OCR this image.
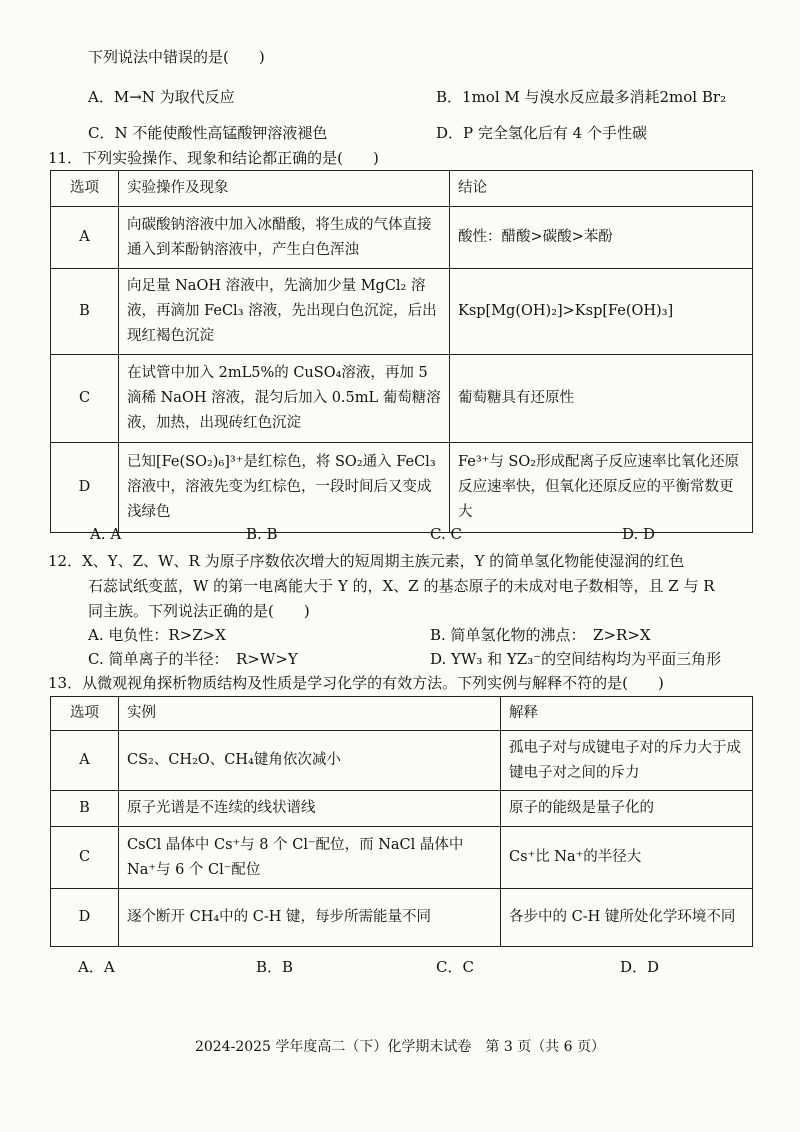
下列说法中错误的是(　　)
A．M→N 为取代反应	B．1mol M 与溴水反应最多消耗2mol Br₂
C．N 不能使酸性高锰酸钾溶液褪色	D．P 完全氢化后有 4 个手性碳
11．下列实验操作、现象和结论都正确的是(　　)
选项	实验操作及现象	结论
A	向碳酸钠溶液中加入冰醋酸，将生成的气体直接通入到苯酚钠溶液中，产生白色浑浊	酸性：醋酸>碳酸>苯酚
B	向足量 NaOH 溶液中，先滴加少量 MgCl₂ 溶液，再滴加 FeCl₃ 溶液，先出现白色沉淀，后出现红褐色沉淀	Ksp[Mg(OH)₂]>Ksp[Fe(OH)₃]
C	在试管中加入 2mL5%的 CuSO₄溶液，再加 5 滴稀 NaOH 溶液，混匀后加入 0.5mL 葡萄糖溶液，加热，出现砖红色沉淀	葡萄糖具有还原性
D	已知[Fe(SO₂)₆]³⁺是红棕色，将 SO₂通入 FeCl₃ 溶液中，溶液先变为红棕色，一段时间后又变成浅绿色	Fe³⁺与 SO₂形成配离子反应速率比氧化还原反应速率快，但氧化还原反应的平衡常数更大
A. A	B. B	C. C	D. D
12．X、Y、Z、W、R 为原子序数依次增大的短周期主族元素，Y 的简单氢化物能使湿润的红色
石蕊试纸变蓝，W 的第一电离能大于 Y 的，X、Z 的基态原子的未成对电子数相等，且 Z 与 R
同主族。下列说法正确的是(　　)
A. 电负性：R>Z>X	B. 简单氢化物的沸点：　Z>R>X
C. 简单离子的半径：　R>W>Y	D. YW₃ 和 YZ₃⁻的空间结构均为平面三角形
13．从微观视角探析物质结构及性质是学习化学的有效方法。下列实例与解释不符的是(　　)
选项	实例	解释
A	CS₂、CH₂O、CH₄键角依次减小	孤电子对与成键电子对的斥力大于成键电子对之间的斥力
B	原子光谱是不连续的线状谱线	原子的能级是量子化的
C	CsCl 晶体中 Cs⁺与 8 个 Cl⁻配位，而 NaCl 晶体中 Na⁺与 6 个 Cl⁻配位	Cs⁺比 Na⁺的半径大
D	逐个断开 CH₄中的 C-H 键，每步所需能量不同	各步中的 C-H 键所处化学环境不同
A．A	B．B	C．C	D．D
2024-2025 学年度高二（下）化学期末试卷　第 3 页（共 6 页）
